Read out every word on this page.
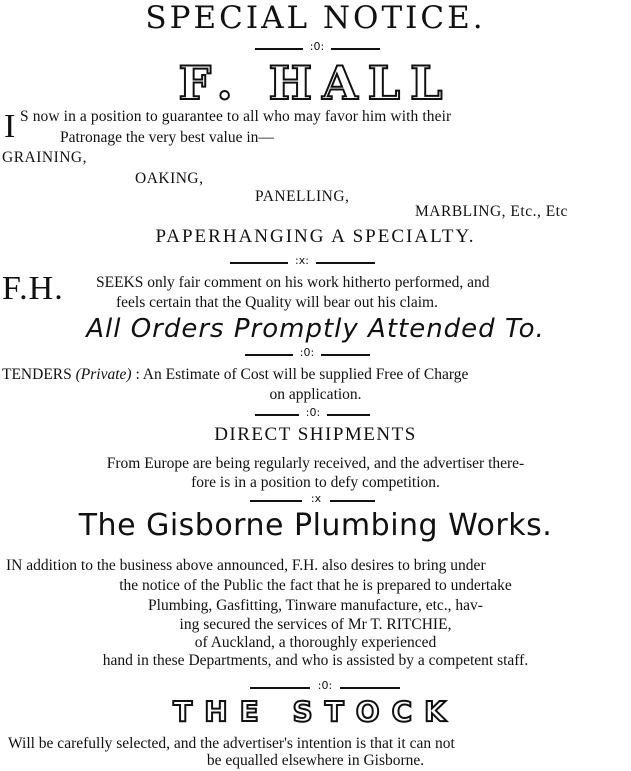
SPECIAL NOTICE.
:0:
F. HALL
I S now in a position to guarantee to all who may favor him with their
Patronage the very best value in—
GRAINING,
OAKING,
PANELLING,
MARBLING, Etc., Etc
PAPERHANGING A SPECIALTY.
:x:
F.H. SEEKS only fair comment on his work hitherto performed, and
feels certain that the Quality will bear out his claim.
All Orders Promptly Attended To.
:0:
TENDERS (Private) : An Estimate of Cost will be supplied Free of Charge
on application.
:0:
DIRECT SHIPMENTS
From Europe are being regularly received, and the advertiser there-
fore is in a position to defy competition.
:x
The Gisborne Plumbing Works.
IN addition to the business above announced, F.H. also desires to bring under
the notice of the Public the fact that he is prepared to undertake
Plumbing, Gasfitting, Tinware manufacture, etc., hav-
ing secured the services of Mr T. RITCHIE,
of Auckland, a thoroughly experienced
hand in these Departments, and who is assisted by a competent staff.
:0:
THE STOCK
Will be carefully selected, and the advertiser's intention is that it can not
be equalled elsewhere in Gisborne.
